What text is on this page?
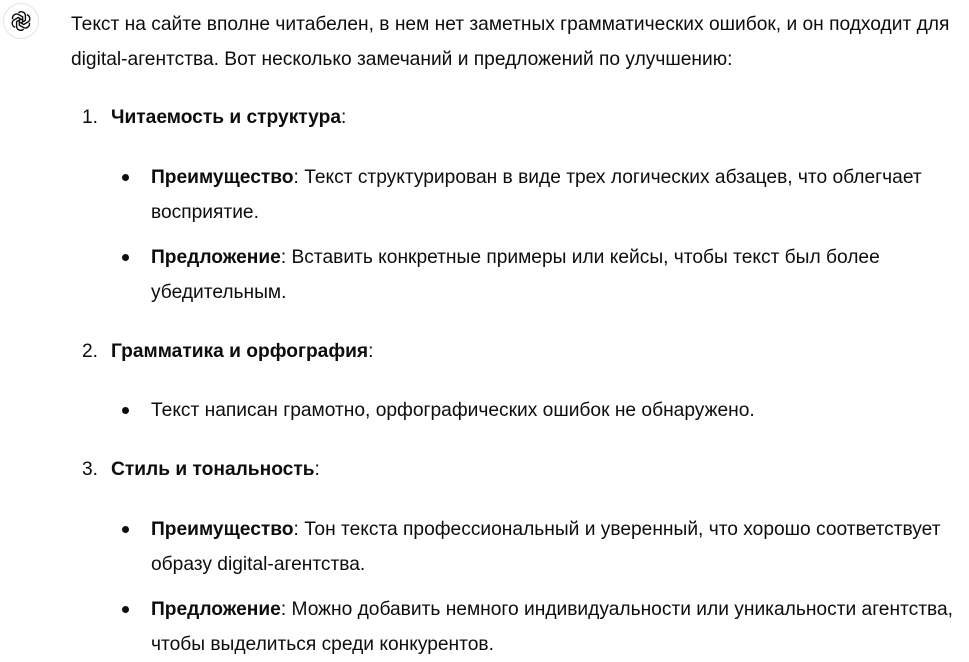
Текст на сайте вполне читабелен, в нем нет заметных грамматических ошибок, и он подходит для digital-агентства. Вот несколько замечаний и предложений по улучшению:

1. Читаемость и структура:
Преимущество: Текст структурирован в виде трех логических абзацев, что облегчает восприятие.
Предложение: Вставить конкретные примеры или кейсы, чтобы текст был более убедительным.
2. Грамматика и орфография:
Текст написан грамотно, орфографических ошибок не обнаружено.
3. Стиль и тональность:
Преимущество: Тон текста профессиональный и уверенный, что хорошо соответствует образу digital-агентства.
Предложение: Можно добавить немного индивидуальности или уникальности агентства, чтобы выделиться среди конкурентов.
